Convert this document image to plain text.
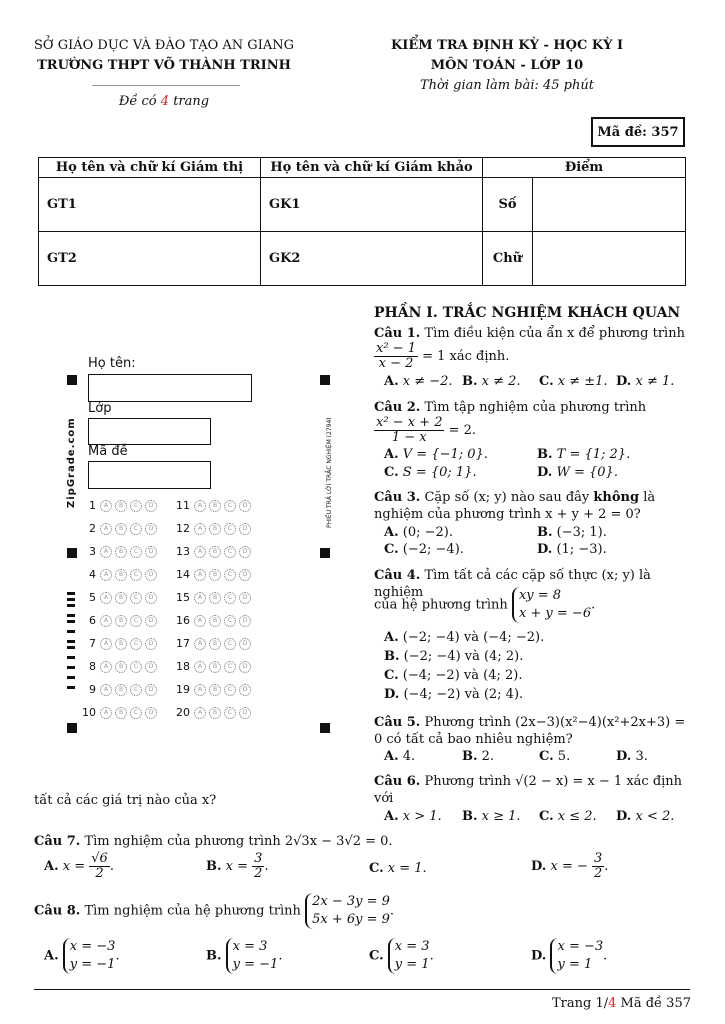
SỞ GIÁO DỤC VÀ ĐÀO TẠO AN GIANG
TRƯỜNG THPT VÕ THÀNH TRINH
Đề có 4 trang
KIỂM TRA ĐỊNH KỲ - HỌC KỲ I
MÔN TOÁN - LỚP 10
Thời gian làm bài: 45 phút
Mã đề: 357
Họ tên và chữ kí Giám thị	Họ tên và chữ kí Giám khảo	Điểm	
GT1	GK1	Số	
GT2	GK2	Chữ	
Họ tên:
Lớp
Mã đề
ZipGrade.com	PHIẾU TRẢ LỜI TRẮC NGHIỆM (2794)
1	A	B	C	D
2	A	B	C	D
3	A	B	C	D
4	A	B	C	D
5	A	B	C	D
6	A	B	C	D
7	A	B	C	D
8	A	B	C	D
9	A	B	C	D
10	A	B	C	D
11	A	B	C	D
12	A	B	C	D
13	A	B	C	D
14	A	B	C	D
15	A	B	C	D
16	A	B	C	D
17	A	B	C	D
18	A	B	C	D
19	A	B	C	D
20	A	B	C	D
PHẦN I. TRẮC NGHIỆM KHÁCH QUAN
Câu 1. Tìm điều kiện của ẩn x để phương trình

$\frac{\text{x² − 1}}{x - 2} = 1$ xác định.
A. x ≠ −2. B. x ≠ 2. C. x ≠ ±1. D. x ≠ 1.
Câu 2. Tìm tập nghiệm của phương trình

$\frac{\text{x² − x + 2}}{1 - x} = 2$.
A. V = {−1; 0}.	B. T = {1; 2}.
C. S = {0; 1}.	D. W = {0}.
Câu 3. Cặp số (x; y) nào sau đây không là nghiệm của phương trình x + y + 2 = 0?
A. (0; −2).	B. (−3; 1).
C. (−2; −4).	D. (1; −3).
Câu 4. Tìm tất cả các cặp số thực (x; y) là nghiệm
của hệ phương trình xy = 8
x + y = −6.
A. (−2; −4) và (−4; −2).
B. (−2; −4) và (4; 2).
C. (−4; −2) và (4; 2).
D. (−4; −2) và (2; 4).
Câu 5. Phương trình (2x−3)(x²−4)(x²+2x+3) = 0 có tất cả bao nhiêu nghiệm?
A. 4.	B. 2.	C. 5.	D. 3.
Câu 6. Phương trình √(2 − x) = x − 1 xác định với
tất cả các giá trị nào của x?
A. x > 1. B. x ≥ 1. C. x ≤ 2. D. x < 2.
Câu 7. Tìm nghiệm của phương trình 2√3x − 3√2 = 0.
A. $x = \frac{√6}{2}$ .	B. $x = \frac{3}{2}$ .	C. x = 1.	D. x = − $\frac{3}{2}$ .
Câu 8. Tìm nghiệm của hệ phương trình 2x − 3y = 9
5x + 6y = 9.
A. x = −3
y = −1.	B. x = 3
y = −1.	C. x = 3
y = 1.	D. x = −3
y = 1.
Trang 1/4 Mã đề 357
